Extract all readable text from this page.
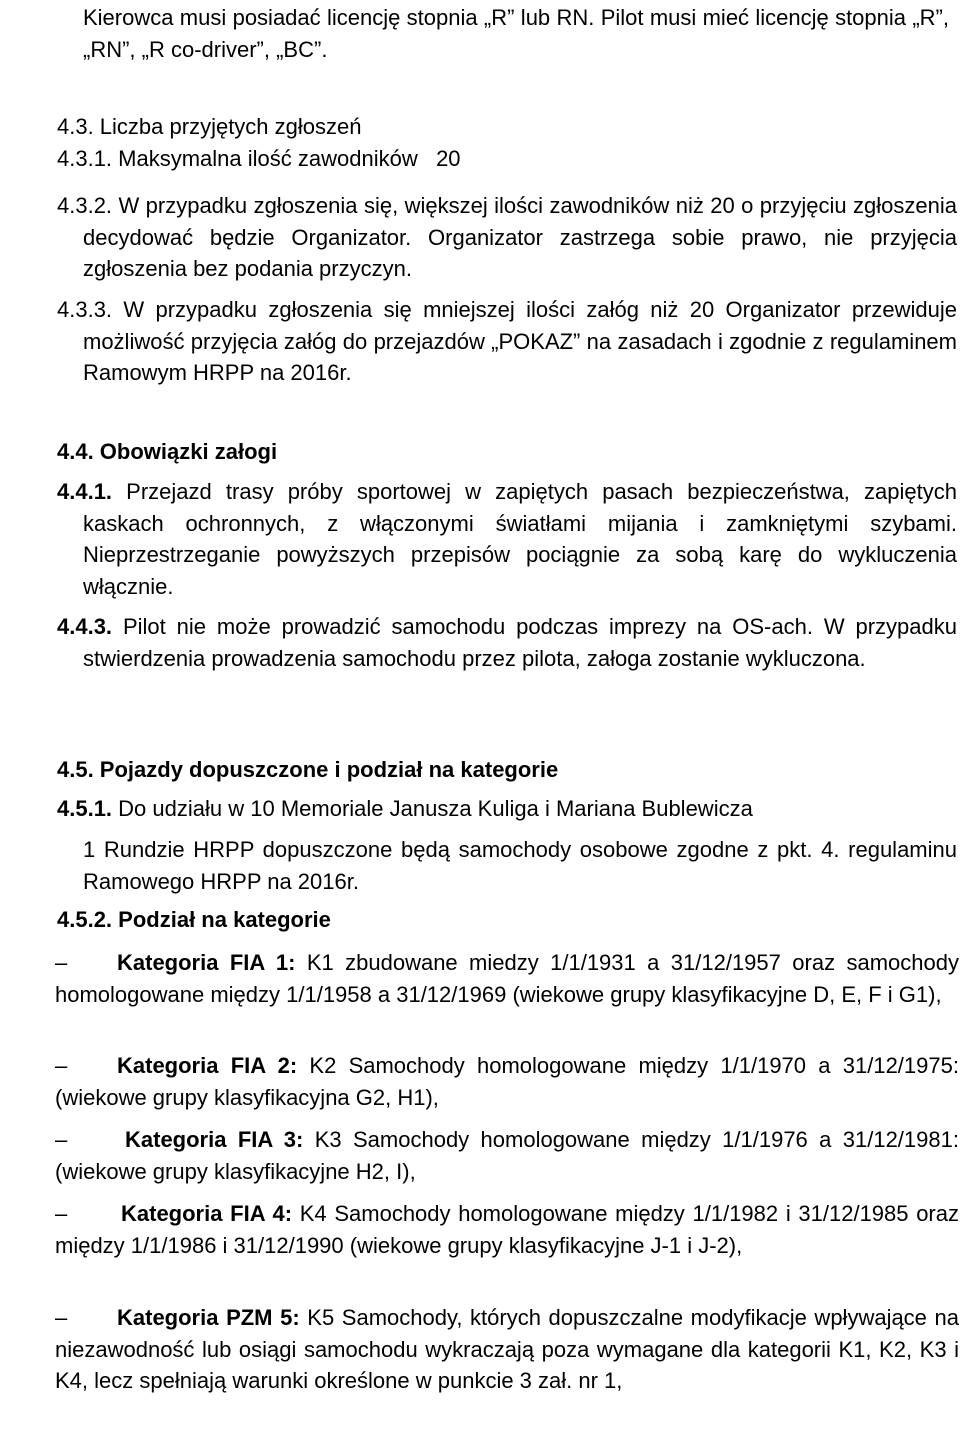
Kierowca musi posiadać licencję stopnia „R” lub RN. Pilot musi mieć licencję stopnia „R”, „RN”, „R co-driver”, „BC”.
4.3. Liczba przyjętych zgłoszeń
4.3.1. Maksymalna ilość zawodników   20
4.3.2. W przypadku zgłoszenia się, większej ilości zawodników niż 20 o przyjęciu zgłoszenia decydować będzie Organizator. Organizator zastrzega sobie prawo, nie przyjęcia zgłoszenia bez podania przyczyn.
4.3.3. W przypadku zgłoszenia się mniejszej ilości załóg niż 20 Organizator przewiduje możliwość przyjęcia załóg do przejazdów „POKAZ” na zasadach i zgodnie z regulaminem Ramowym HRPP na 2016r.
4.4. Obowiązki załogi
4.4.1. Przejazd trasy próby sportowej w zapiętych pasach bezpieczeństwa, zapiętych kaskach ochronnych, z włączonymi światłami mijania i zamkniętymi szybami. Nieprzestrzeganie powyższych przepisów pociągnie za sobą karę do wykluczenia włącznie.
4.4.3. Pilot nie może prowadzić samochodu podczas imprezy na OS-ach. W przypadku stwierdzenia prowadzenia samochodu przez pilota, załoga zostanie wykluczona.
4.5. Pojazdy dopuszczone i podział na kategorie
4.5.1. Do udziału w 10 Memoriale Janusza Kuliga i Mariana Bublewicza
1 Rundzie HRPP dopuszczone będą samochody osobowe zgodne z pkt. 4. regulaminu Ramowego HRPP na 2016r.
4.5.2. Podział na kategorie
– Kategoria FIA 1: K1 zbudowane miedzy 1/1/1931 a 31/12/1957 oraz samochody homologowane między 1/1/1958 a 31/12/1969 (wiekowe grupy klasyfikacyjne D, E, F i G1),
– Kategoria FIA 2: K2 Samochody homologowane między 1/1/1970 a 31/12/1975: (wiekowe grupy klasyfikacyjna G2, H1),
–	Kategoria FIA 3: K3 Samochody homologowane między 1/1/1976 a 31/12/1981: (wiekowe grupy klasyfikacyjne H2, I),
– Kategoria FIA 4: K4 Samochody homologowane między 1/1/1982 i 31/12/1985 oraz między 1/1/1986 i 31/12/1990 (wiekowe grupy klasyfikacyjne J-1 i J-2),
– Kategoria PZM 5: K5 Samochody, których dopuszczalne modyfikacje wpływające na niezawodność lub osiągi samochodu wykraczają poza wymagane dla kategorii K1, K2, K3 i K4, lecz spełniają warunki określone w punkcie 3 zał. nr 1,
